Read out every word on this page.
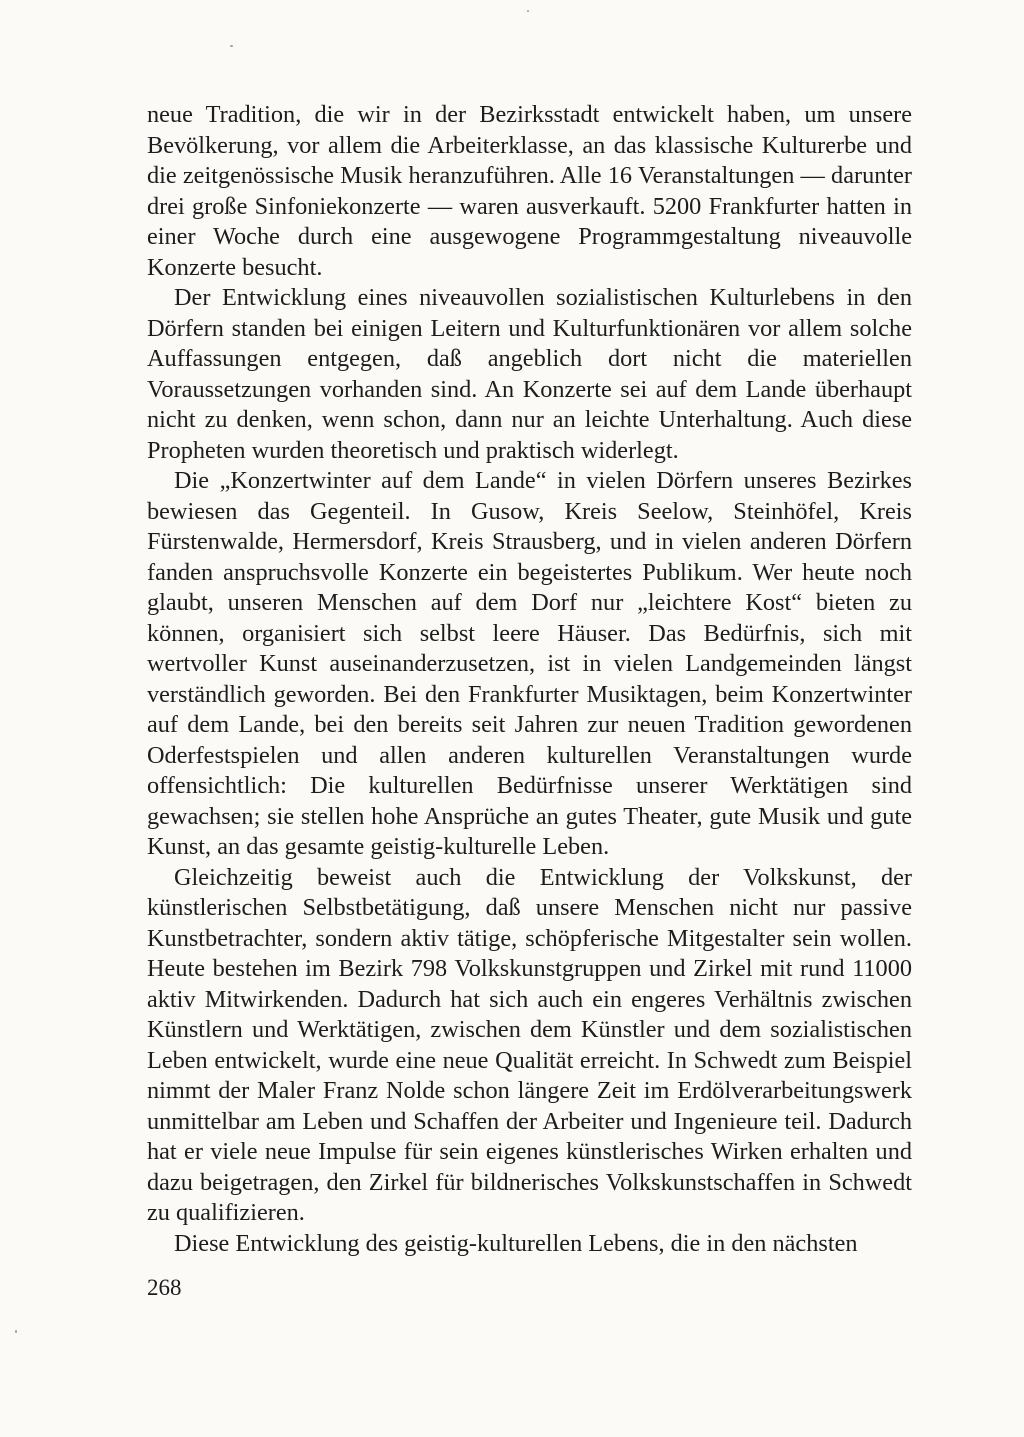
neue Tradition, die wir in der Bezirksstadt entwickelt haben, um unsere Bevölkerung, vor allem die Arbeiterklasse, an das klassische Kulturerbe und die zeitgenössische Musik heranzuführen. Alle 16 Veranstaltungen — darunter drei große Sinfoniekonzerte — waren ausverkauft. 5200 Frankfurter hatten in einer Woche durch eine ausgewogene Programmgestaltung niveauvolle Konzerte besucht.

Der Entwicklung eines niveauvollen sozialistischen Kulturlebens in den Dörfern standen bei einigen Leitern und Kulturfunktionären vor allem solche Auffassungen entgegen, daß angeblich dort nicht die materiellen Voraussetzungen vorhanden sind. An Konzerte sei auf dem Lande überhaupt nicht zu denken, wenn schon, dann nur an leichte Unterhaltung. Auch diese Propheten wurden theoretisch und praktisch widerlegt.

Die „Konzertwinter auf dem Lande“ in vielen Dörfern unseres Bezirkes bewiesen das Gegenteil. In Gusow, Kreis Seelow, Steinhöfel, Kreis Fürstenwalde, Hermersdorf, Kreis Strausberg, und in vielen anderen Dörfern fanden anspruchsvolle Konzerte ein begeistertes Publikum. Wer heute noch glaubt, unseren Menschen auf dem Dorf nur „leichtere Kost“ bieten zu können, organisiert sich selbst leere Häuser. Das Bedürfnis, sich mit wertvoller Kunst auseinanderzusetzen, ist in vielen Landgemeinden längst verständlich geworden. Bei den Frankfurter Musiktagen, beim Konzertwinter auf dem Lande, bei den bereits seit Jahren zur neuen Tradition gewordenen Oderfestspielen und allen anderen kulturellen Veranstaltungen wurde offensichtlich: Die kulturellen Bedürfnisse unserer Werktätigen sind gewachsen; sie stellen hohe Ansprüche an gutes Theater, gute Musik und gute Kunst, an das gesamte geistig-kulturelle Leben.

Gleichzeitig beweist auch die Entwicklung der Volkskunst, der künstlerischen Selbstbetätigung, daß unsere Menschen nicht nur passive Kunstbetrachter, sondern aktiv tätige, schöpferische Mitgestalter sein wollen. Heute bestehen im Bezirk 798 Volkskunstgruppen und Zirkel mit rund 11000 aktiv Mitwirkenden. Dadurch hat sich auch ein engeres Verhältnis zwischen Künstlern und Werktätigen, zwischen dem Künstler und dem sozialistischen Leben entwickelt, wurde eine neue Qualität erreicht. In Schwedt zum Beispiel nimmt der Maler Franz Nolde schon längere Zeit im Erdölverarbeitungswerk unmittelbar am Leben und Schaffen der Arbeiter und Ingenieure teil. Dadurch hat er viele neue Impulse für sein eigenes künstlerisches Wirken erhalten und dazu beigetragen, den Zirkel für bildnerisches Volkskunstschaffen in Schwedt zu qualifizieren.

Diese Entwicklung des geistig-kulturellen Lebens, die in den nächsten

268
